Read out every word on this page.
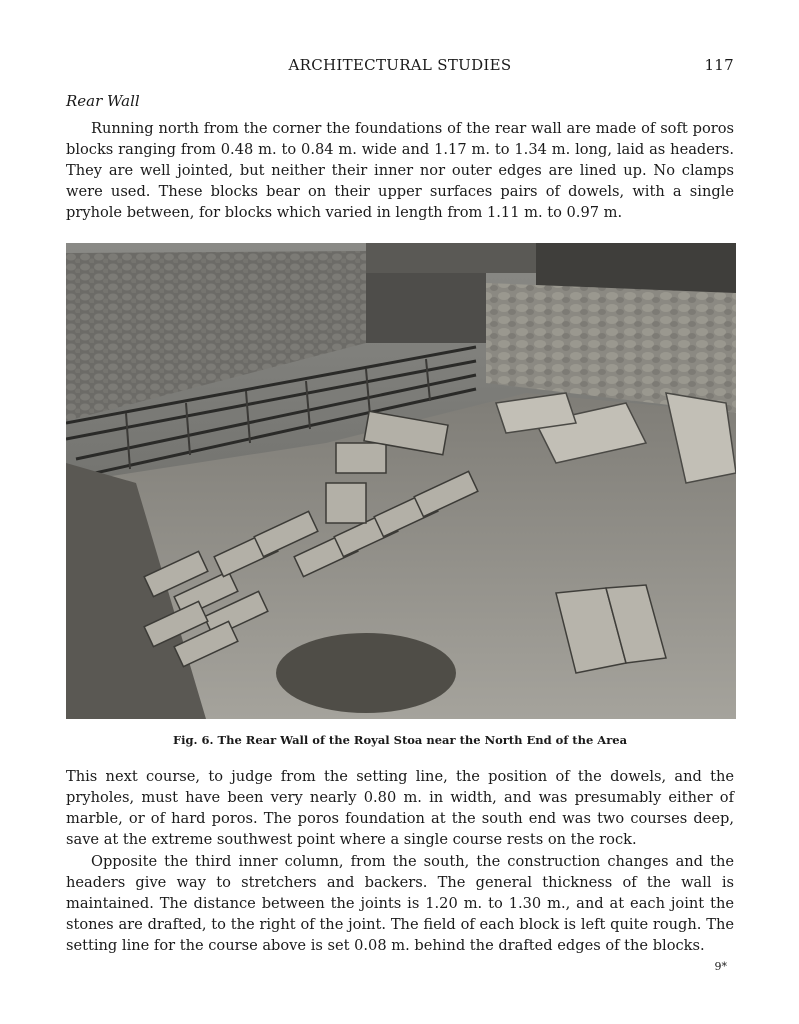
ARCHITECTURAL STUDIES	117
Rear Wall

Running north from the corner the foundations of the rear wall are made of soft poros blocks ranging from 0.48 m. to 0.84 m. wide and 1.17 m. to 1.34 m. long, laid as headers. They are well jointed, but neither their inner nor outer edges are lined up. No clamps were used. These blocks bear on their upper surfaces pairs of dowels, with a single pryhole between, for blocks which varied in length from 1.11 m. to 0.97 m.

Fig. 6. The Rear Wall of the Royal Stoa near the North End of the Area

This next course, to judge from the setting line, the position of the dowels, and the pryholes, must have been very nearly 0.80 m. in width, and was presumably either of marble, or of hard poros. The poros foundation at the south end was two courses deep, save at the extreme southwest point where a single course rests on the rock.

Opposite the third inner column, from the south, the construction changes and the headers give way to stretchers and backers. The general thickness of the wall is maintained. The distance between the joints is 1.20 m. to 1.30 m., and at each joint the stones are drafted, to the right of the joint. The field of each block is left quite rough. The setting line for the course above is set 0.08 m. behind the drafted edges of the blocks.

9*
